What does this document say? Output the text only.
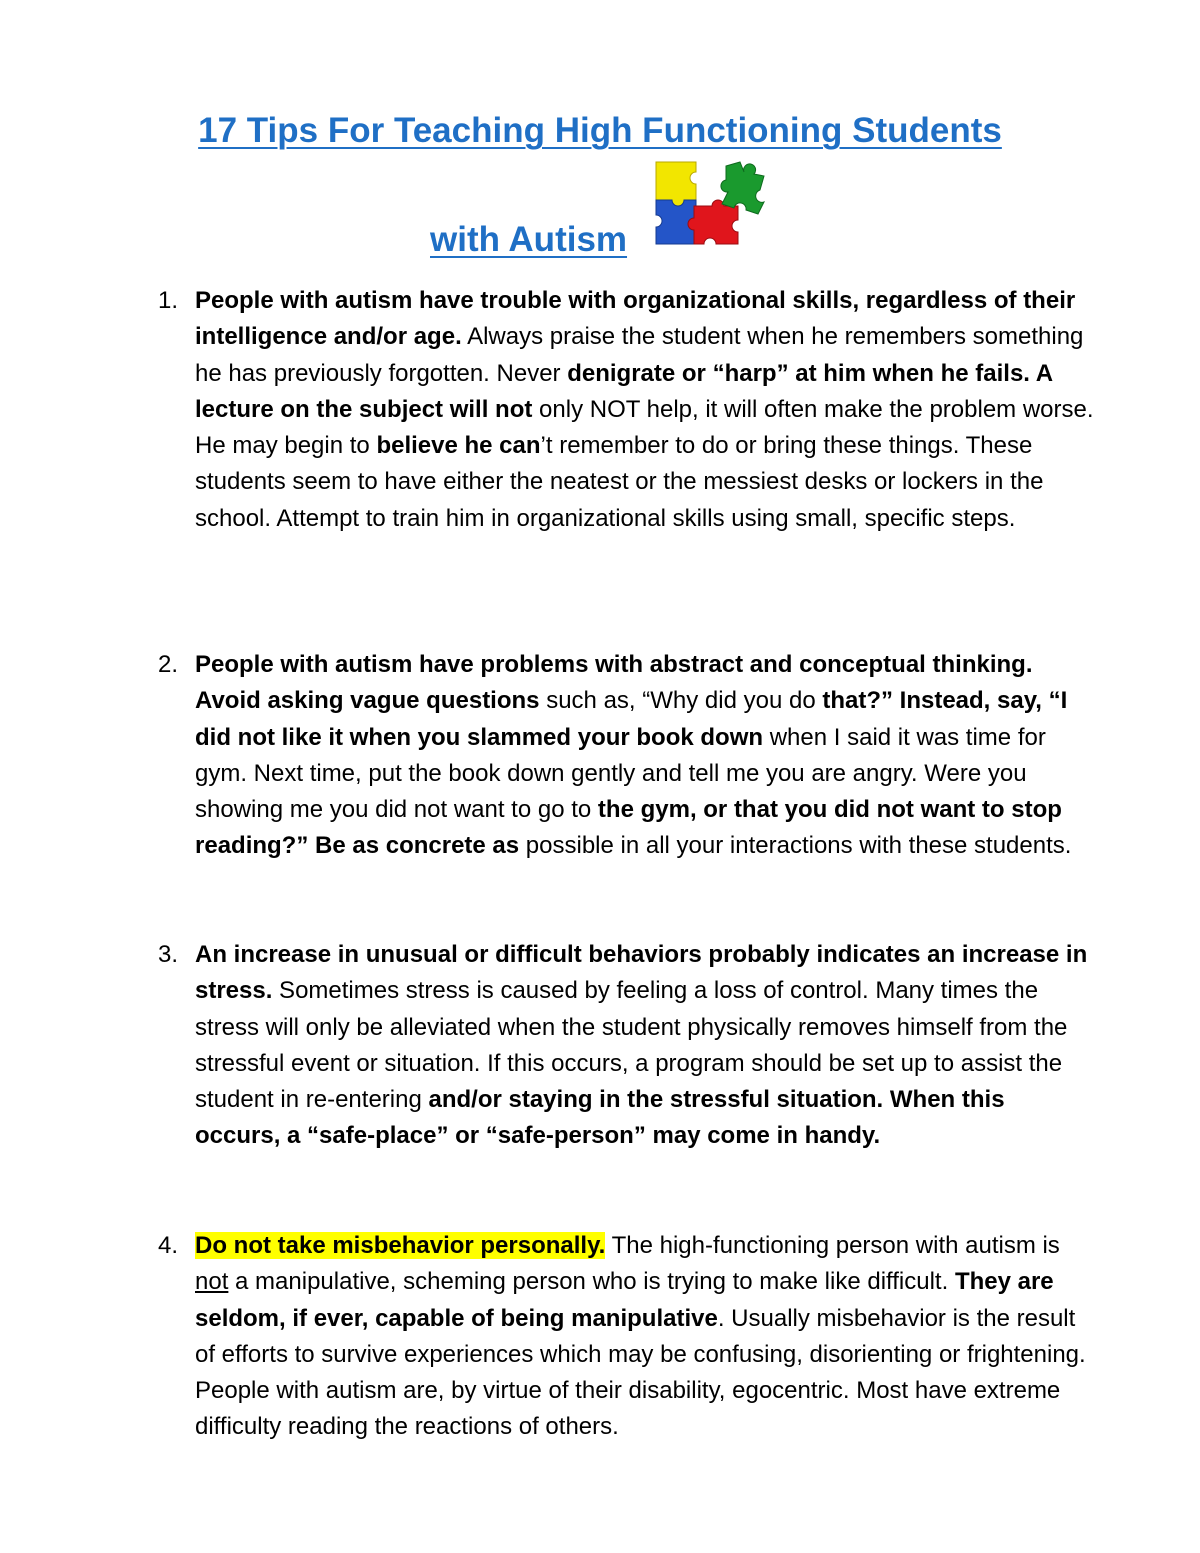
17 Tips For Teaching High Functioning Students
with Autism
1. People with autism have trouble with organizational skills, regardless of their intelligence and/or age. Always praise the student when he remembers something he has previously forgotten. Never denigrate or “harp” at him when he fails. A lecture on the subject will not only NOT help, it will often make the problem worse. He may begin to believe he can’t remember to do or bring these things. These students seem to have either the neatest or the messiest desks or lockers in the school. Attempt to train him in organizational skills using small, specific steps.

2. People with autism have problems with abstract and conceptual thinking. Avoid asking vague questions such as, “Why did you do that?” Instead, say, “I did not like it when you slammed your book down when I said it was time for gym. Next time, put the book down gently and tell me you are angry. Were you showing me you did not want to go to the gym, or that you did not want to stop reading?” Be as concrete as possible in all your interactions with these students.

3. An increase in unusual or difficult behaviors probably indicates an increase in stress. Sometimes stress is caused by feeling a loss of control. Many times the stress will only be alleviated when the student physically removes himself from the stressful event or situation. If this occurs, a program should be set up to assist the student in re-entering and/or staying in the stressful situation. When this occurs, a “safe-place” or “safe-person” may come in handy.

4. Do not take misbehavior personally. The high-functioning person with autism is not a manipulative, scheming person who is trying to make like difficult. They are seldom, if ever, capable of being manipulative. Usually misbehavior is the result of efforts to survive experiences which may be confusing, disorienting or frightening. People with autism are, by virtue of their disability, egocentric. Most have extreme difficulty reading the reactions of others.
